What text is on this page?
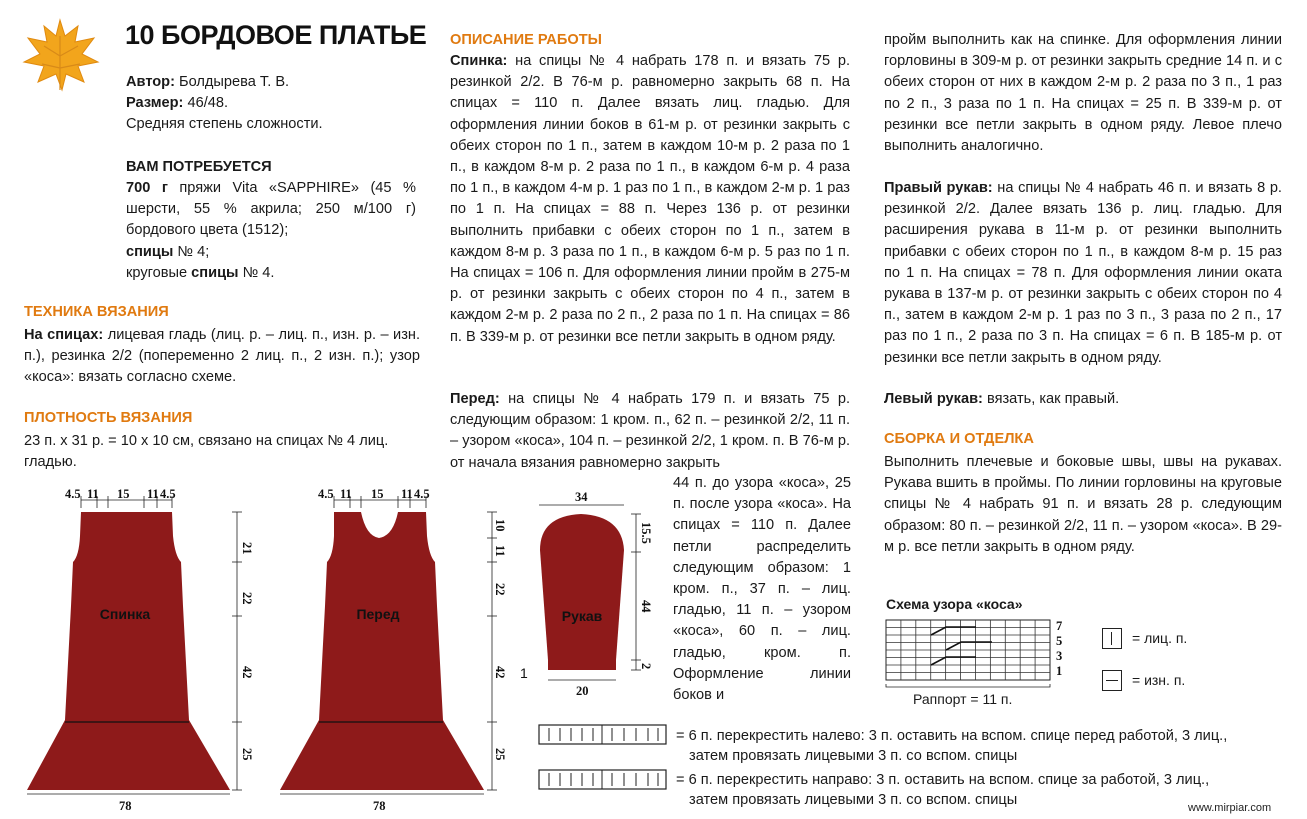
10 БОРДОВОЕ ПЛАТЬЕ

Автор: Болдырева Т. В.

Размер: 46/48.

Средняя степень сложности.

ВАМ ПОТРЕБУЕТСЯ

700 г пряжи Vita «SAPPHIRE» (45 % шерсти, 55 % акрила; 250 м/100 г) бордового цвета (1512);

спицы № 4;

круговые спицы № 4.

ТЕХНИКА ВЯЗАНИЯ
На спицах: лицевая гладь (лиц. р. – лиц. п., изн. р. – изн. п.), резинка 2/2 (попеременно 2 лиц. п., 2 изн. п.); узор «коса»: вязать согласно схеме.
ПЛОТНОСТЬ ВЯЗАНИЯ
23 п. х 31 р. = 10 х 10 см, связано на спицах № 4 лиц. гладью.
ОПИСАНИЕ РАБОТЫ
Спинка: на спицы № 4 набрать 178 п. и вязать 75 р. резинкой 2/2. В 76-м р. равномерно закрыть 68 п. На спицах = 110 п. Далее вязать лиц. гладью. Для оформления линии боков в 61-м р. от резинки закрыть с обеих сторон по 1 п., затем в каждом 10-м р. 2 раза по 1 п., в каждом 8-м р. 2 раза по 1 п., в каждом 6-м р. 4 раза по 1 п., в каждом 4-м р. 1 раз по 1 п., в каждом 2-м р. 1 раз по 1 п. На спицах = 88 п. Через 136 р. от резинки выполнить прибавки с обеих сторон по 1 п., затем в каждом 8-м р. 3 раза по 1 п., в каждом 6-м р. 5 раз по 1 п. На спицах = 106 п. Для оформления линии пройм в 275-м р. от резинки закрыть с обеих сторон по 4 п., затем в каждом 2-м р. 2 раза по 2 п., 2 раза по 1 п. На спицах = 86 п. В 339-м р. от резинки все петли закрыть в одном ряду.
Перед: на спицы № 4 набрать 179 п. и вязать 75 р. следующим образом: 1 кром. п., 62 п. – резинкой 2/2, 11 п. – узором «коса», 104 п. – резинкой 2/2, 1 кром. п. В 76-м р. от начала вязания равномерно закрыть
44 п. до узора «коса», 25 п. после узора «коса». На спицах = 110 п. Далее петли распределить следующим образом: 1 кром. п., 37 п. – лиц. гладью, 11 п. – узором «коса», 60 п. – лиц. гладью, кром. п. Оформление линии боков и
пройм выполнить как на спинке. Для оформления линии горловины в 309-м р. от резинки закрыть средние 14 п. и с обеих сторон от них в каждом 2-м р. 2 раза по 3 п., 1 раз по 2 п., 3 раза по 1 п. На спицах = 25 п. В 339-м р. от резинки все петли закрыть в одном ряду. Левое плечо выполнить аналогично.
Правый рукав: на спицы № 4 набрать 46 п. и вязать 8 р. резинкой 2/2. Далее вязать 136 р. лиц. гладью. Для расширения рукава в 11-м р. от резинки выполнить прибавки с обеих сторон по 1 п., в каждом 8-м р. 15 раз по 1 п. На спицах = 78 п. Для оформления линии оката рукава в 137-м р. от резинки закрыть с обеих сторон по 4 п., затем в каждом 2-м р. 1 раз по 3 п., 3 раза по 2 п., 17 раз по 1 п., 2 раза по 3 п. На спицах = 6 п. В 185-м р. от резинки все петли закрыть в одном ряду.
Левый рукав: вязать, как правый.
СБОРКА И ОТДЕЛКА
Выполнить плечевые и боковые швы, швы на рукавах. Рукава вшить в проймы. По линии горловины на круговые спицы № 4 набрать 91 п. и вязать 28 р. следующим образом: 80 п. – резинкой 2/2, 11 п. – узором «коса». В 29-м р. все петли закрыть в одном ряду.
Схема узора «коса»
7
5
3
1
Раппорт = 11 п.
= лиц. п.
= изн. п.
= 6 п. перекрестить налево: 3 п. оставить на вспом. спице перед работой, 3 лиц.,
затем провязать лицевыми 3 п. со вспом. спицы
= 6 п. перекрестить направо: 3 п. оставить на вспом. спице за работой, 3 лиц.,
затем провязать лицевыми 3 п. со вспом. спицы
4.5 11 15 11 4.5
Спинка
21
22
42
25
78
4.5 11 15 11 4.5
Перед
10
11
22
42
25
78
34
Рукав
15.5
44
2
1
20
www.mirpiar.com
